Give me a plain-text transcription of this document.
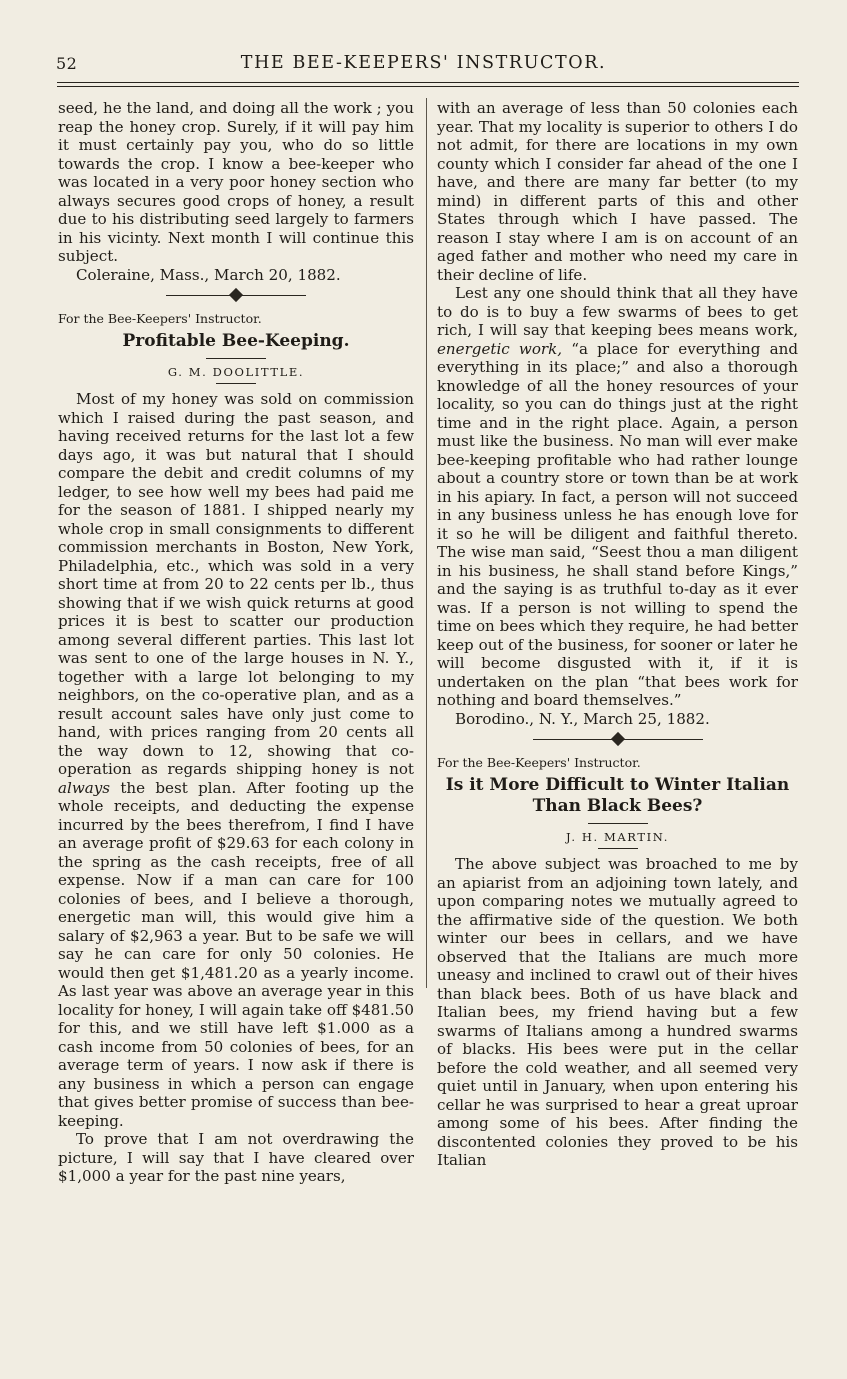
52	THE BEE-KEEPERS' INSTRUCTOR.

seed, he the land, and doing all the work ; you reap the honey crop. Surely, if it will pay him it must certainly pay you, who do so little towards the crop. I know a bee-keeper who was located in a very poor honey section who always secures good crops of honey, a result due to his distributing seed largely to farmers in his vicinty. Next month I will continue this subject.

Coleraine, Mass., March 20, 1882.

For the Bee-Keepers' Instructor.
Profitable Bee-Keeping.
G. M. DOOLITTLE.

Most of my honey was sold on commission which I raised during the past season, and having received returns for the last lot a few days ago, it was but natural that I should compare the debit and credit columns of my ledger, to see how well my bees had paid me for the season of 1881. I shipped nearly my whole crop in small consignments to different commission merchants in Boston, New York, Philadelphia, etc., which was sold in a very short time at from 20 to 22 cents per lb., thus showing that if we wish quick returns at good prices it is best to scatter our production among several different parties. This last lot was sent to one of the large houses in N. Y., together with a large lot belonging to my neighbors, on the co-operative plan, and as a result account sales have only just come to hand, with prices ranging from 20 cents all the way down to 12, showing that co-operation as regards shipping honey is not always the best plan. After footing up the whole receipts, and deducting the expense incurred by the bees therefrom, I find I have an average profit of $29.63 for each colony in the spring as the cash receipts, free of all expense. Now if a man can care for 100 colonies of bees, and I believe a thorough, energetic man will, this would give him a salary of $2,963 a year. But to be safe we will say he can care for only 50 colonies. He would then get $1,481.20 as a yearly income. As last year was above an average year in this locality for honey, I will again take off $481.50 for this, and we still have left $1.000 as a cash income from 50 colonies of bees, for an average term of years. I now ask if there is any business in which a person can engage that gives better promise of success than bee-keeping.

To prove that I am not overdrawing the picture, I will say that I have cleared over $1,000 a year for the past nine years,

with an average of less than 50 colonies each year. That my locality is superior to others I do not admit, for there are locations in my own county which I consider far ahead of the one I have, and there are many far better (to my mind) in different parts of this and other States through which I have passed. The reason I stay where I am is on account of an aged father and mother who need my care in their decline of life.

Lest any one should think that all they have to do is to buy a few swarms of bees to get rich, I will say that keeping bees means work, energetic work, “a place for everything and everything in its place;” and also a thorough knowledge of all the honey resources of your locality, so you can do things just at the right time and in the right place. Again, a person must like the business. No man will ever make bee-keeping profitable who had rather lounge about a country store or town than be at work in his apiary. In fact, a person will not succeed in any business unless he has enough love for it so he will be diligent and faithful thereto. The wise man said, “Seest thou a man diligent in his business, he shall stand before Kings,” and the saying is as truthful to-day as it ever was. If a person is not willing to spend the time on bees which they require, he had better keep out of the business, for sooner or later he will become disgusted with it, if it is undertaken on the plan “that bees work for nothing and board themselves.”

Borodino., N. Y., March 25, 1882.

For the Bee-Keepers' Instructor.
Is it More Difficult to Winter Italian Than Black Bees?
J. H. MARTIN.

The above subject was broached to me by an apiarist from an adjoining town lately, and upon comparing notes we mutually agreed to the affirmative side of the question. We both winter our bees in cellars, and we have observed that the Italians are much more uneasy and inclined to crawl out of their hives than black bees. Both of us have black and Italian bees, my friend having but a few swarms of Italians among a hundred swarms of blacks. His bees were put in the cellar before the cold weather, and all seemed very quiet until in January, when upon entering his cellar he was surprised to hear a great uproar among some of his bees. After finding the discontented colonies they proved to be his Italian
